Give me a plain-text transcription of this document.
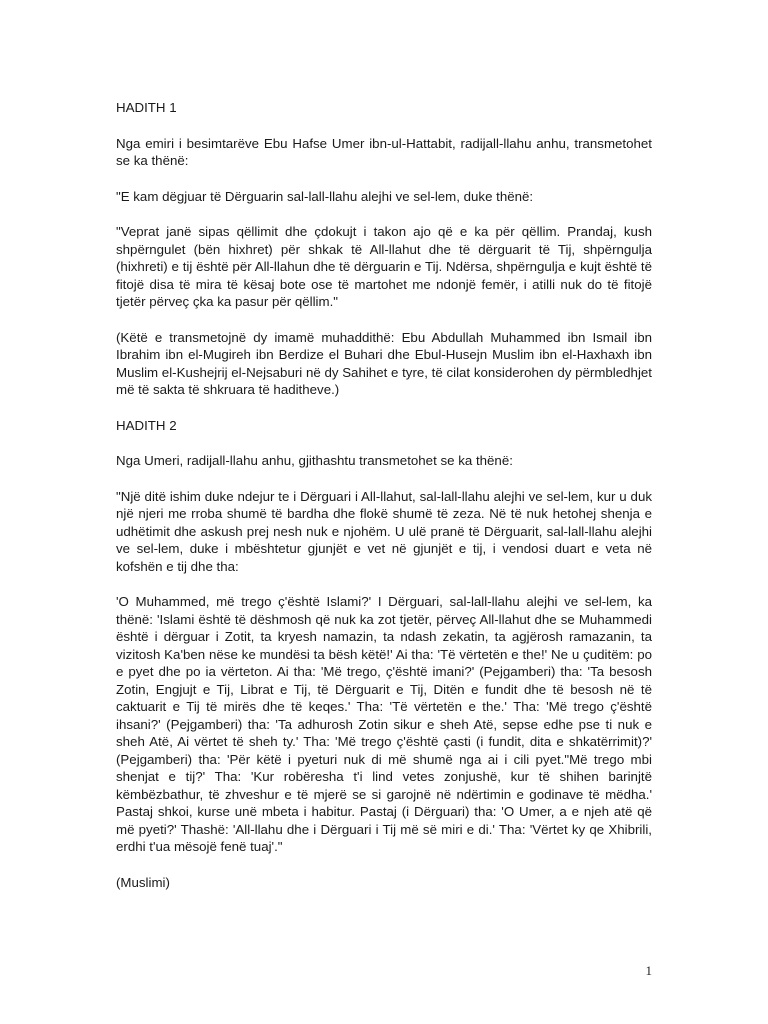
HADITH 1

Nga emiri i besimtarëve Ebu Hafse Umer ibn-ul-Hattabit, radijall-llahu anhu, transmetohet se ka thënë:

"E kam dëgjuar të Dërguarin sal-lall-llahu alejhi ve sel-lem, duke thënë:

"Veprat janë sipas qëllimit dhe çdokujt i takon ajo që e ka për qëllim. Prandaj, kush shpërngulet (bën hixhret) për shkak të All-llahut dhe të dërguarit të Tij, shpërngulja (hixhreti) e tij është për All-llahun dhe të dërguarin e Tij. Ndërsa, shpërngulja e kujt është të fitojë disa të mira të kësaj bote ose të martohet me ndonjë femër, i atilli nuk do të fitojë tjetër përveç çka ka pasur për qëllim."

(Këtë e transmetojnë dy imamë muhaddithë: Ebu Abdullah Muhammed ibn Ismail ibn Ibrahim ibn el-Mugireh ibn Berdize el Buhari dhe Ebul-Husejn Muslim ibn el-Haxhaxh ibn Muslim el-Kushejrij el-Nejsaburi në dy Sahihet e tyre, të cilat konsiderohen dy përmbledhjet më të sakta të shkruara të haditheve.)

HADITH 2

Nga Umeri, radijall-llahu anhu, gjithashtu transmetohet se ka thënë:

"Një ditë ishim duke ndejur te i Dërguari i All-llahut, sal-lall-llahu alejhi ve sel-lem, kur u duk një njeri me rroba shumë të bardha dhe flokë shumë të zeza. Në të nuk hetohej shenja e udhëtimit dhe askush prej nesh nuk e njohëm. U ulë pranë të Dërguarit, sal-lall-llahu alejhi ve sel-lem, duke i mbështetur gjunjët e vet në gjunjët e tij, i vendosi duart e veta në kofshën e tij dhe tha:

'O Muhammed, më trego ç'është Islami?' I Dërguari, sal-lall-llahu alejhi ve sel-lem, ka thënë: 'Islami është të dëshmosh që nuk ka zot tjetër, përveç All-llahut dhe se Muhammedi është i dërguar i Zotit, ta kryesh namazin, ta ndash zekatin, ta agjërosh ramazanin, ta vizitosh Ka'ben nëse ke mundësi ta bësh këtë!' Ai tha: 'Të vërtetën e the!' Ne u çuditëm: po e pyet dhe po ia vërteton. Ai tha: 'Më trego, ç'është imani?' (Pejgamberi) tha: 'Ta besosh Zotin, Engjujt e Tij, Librat e Tij, të Dërguarit e Tij, Ditën e fundit dhe të besosh në të caktuarit e Tij të mirës dhe të keqes.' Tha: 'Të vërtetën e the.' Tha: 'Më trego ç'është ihsani?' (Pejgamberi) tha: 'Ta adhurosh Zotin sikur e sheh Atë, sepse edhe pse ti nuk e sheh Atë, Ai vërtet të sheh ty.' Tha: 'Më trego ç'është çasti (i fundit, dita e shkatërrimit)?' (Pejgamberi) tha: 'Për këtë i pyeturi nuk di më shumë nga ai i cili pyet."Më trego mbi shenjat e tij?' Tha: 'Kur robëresha t'i lind vetes zonjushë, kur të shihen barinjtë këmbëzbathur, të zhveshur e të mjerë se si garojnë në ndërtimin e godinave të mëdha.' Pastaj shkoi, kurse unë mbeta i habitur. Pastaj (i Dërguari) tha: 'O Umer, a e njeh atë që më pyeti?' Thashë: 'All-llahu dhe i Dërguari i Tij më së miri e di.' Tha: 'Vërtet ky qe Xhibrili, erdhi t'ua mësojë fenë tuaj'."

(Muslimi)

1
